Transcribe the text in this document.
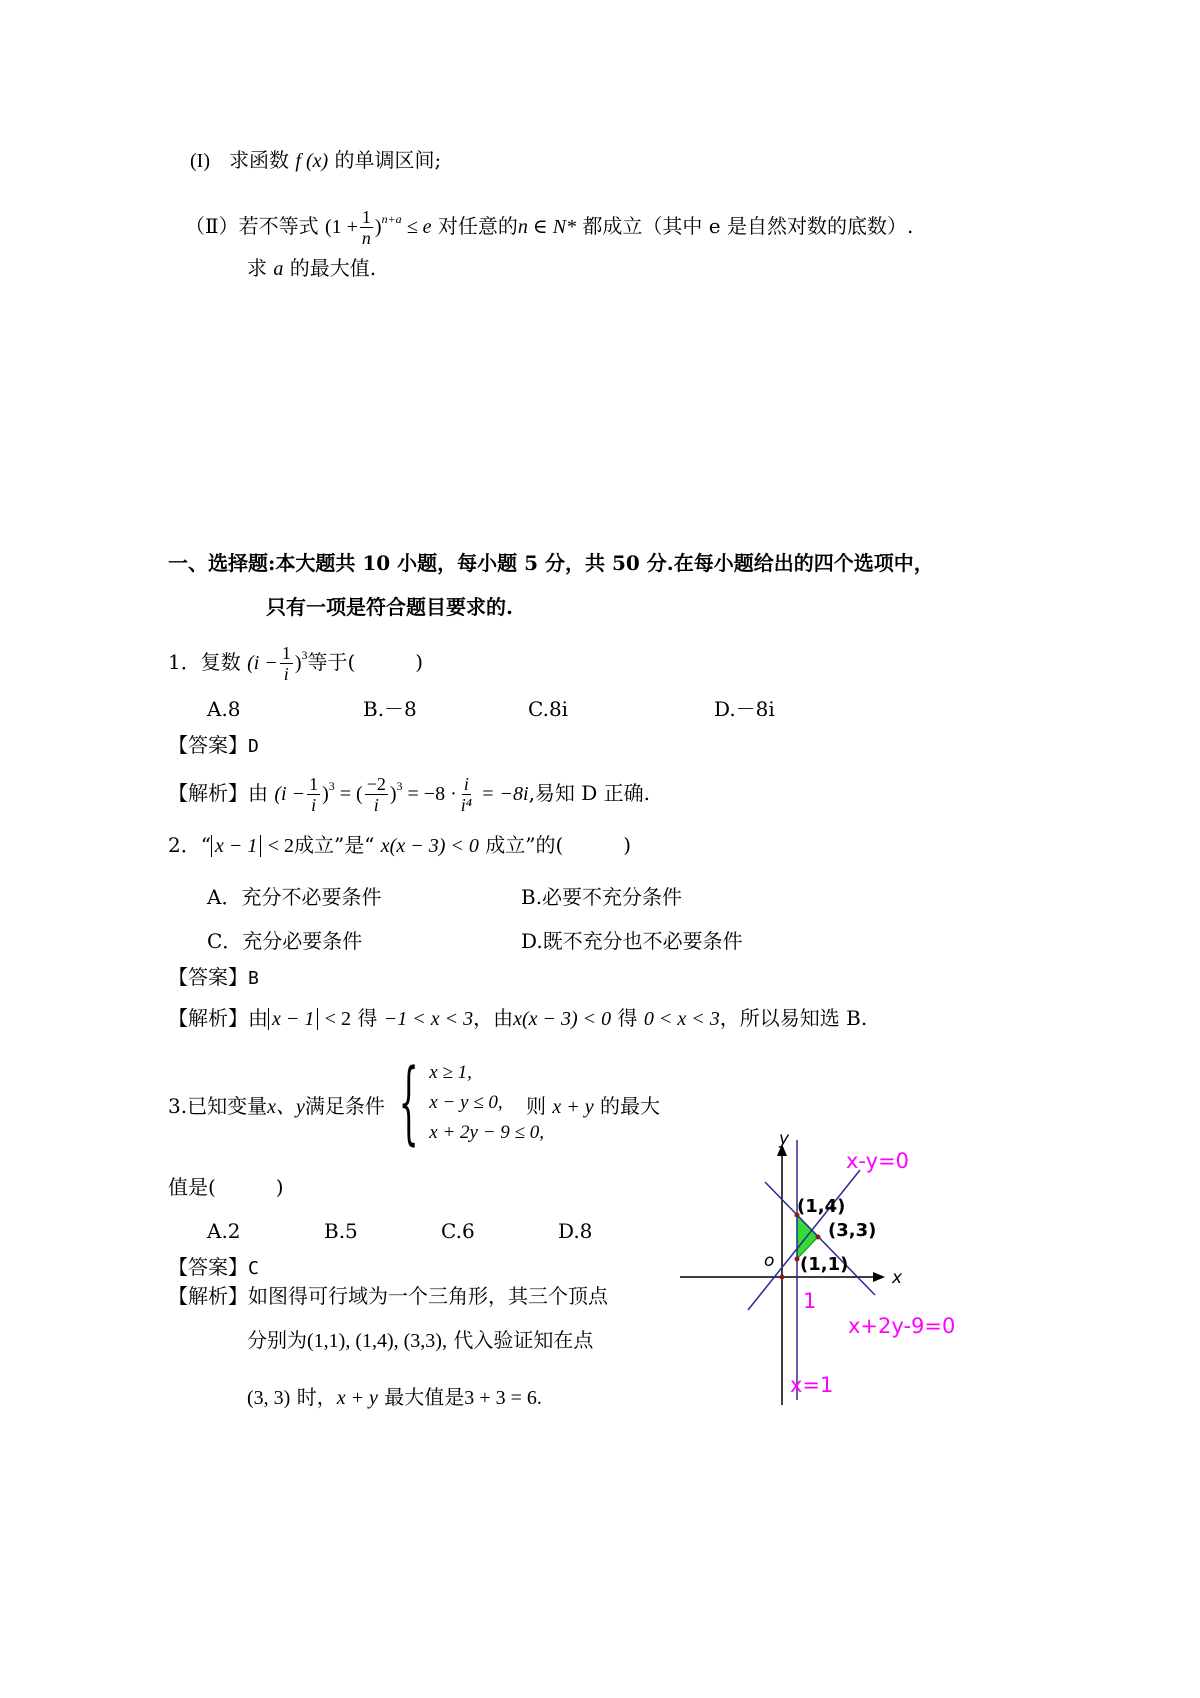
(I) 求函数 f (x) 的单调区间;
（Ⅱ）若不等式 $(1 + \frac{1}{n} )^{n+a} \le e$ 对任意的n ∈ N* 都成立（其中 e 是自然对数的底数）.
求 a 的最大值.
一、选择题:本大题共 10 小题，每小题 5 分，共 50 分.在每小题给出的四个选项中，
只有一项是符合题目要求的.
1．复数 $(i - \frac{1}{i} )^3$等于(　　　)
A.8	B.－8	C.8i	D.－8i
【答案】D
【解析】由 $(i - \frac{1}{i} )^3$ = ( $\frac{-2}{i} )^3 = -8 \cdot \frac{i}{\text{i⁴}} = -8i$,易知 D 正确.
2．“ x − 1 < 2成立”是“ x(x − 3) < 0 成立”的(　　　)
A．充分不必要条件	B.必要不充分条件
C．充分必要条件	D.既不充分也不必要条件
【答案】B
【解析】由 x − 1 < 2 得 −1 < x < 3，由x(x − 3) < 0 得 0 < x < 3，所以易知选 B.
3.已知变量x、y满足条件 { x ≥ 1,
x − y ≤ 0,
x + 2y − 9 ≤ 0,
则 x + y 的最大
值是(　　　)
A.2	B.5	C.6	D.8
【答案】C
【解析】如图得可行域为一个三角形，其三个顶点
分别为(1,1), (1,4), (3,3), 代入验证知在点
(3, 3) 时，x + y 最大值是3 + 3 = 6.
x
y
o
(1,4)
(3,3)
(1,1)
x-y=0
x+2y-9=0
x=1
1
